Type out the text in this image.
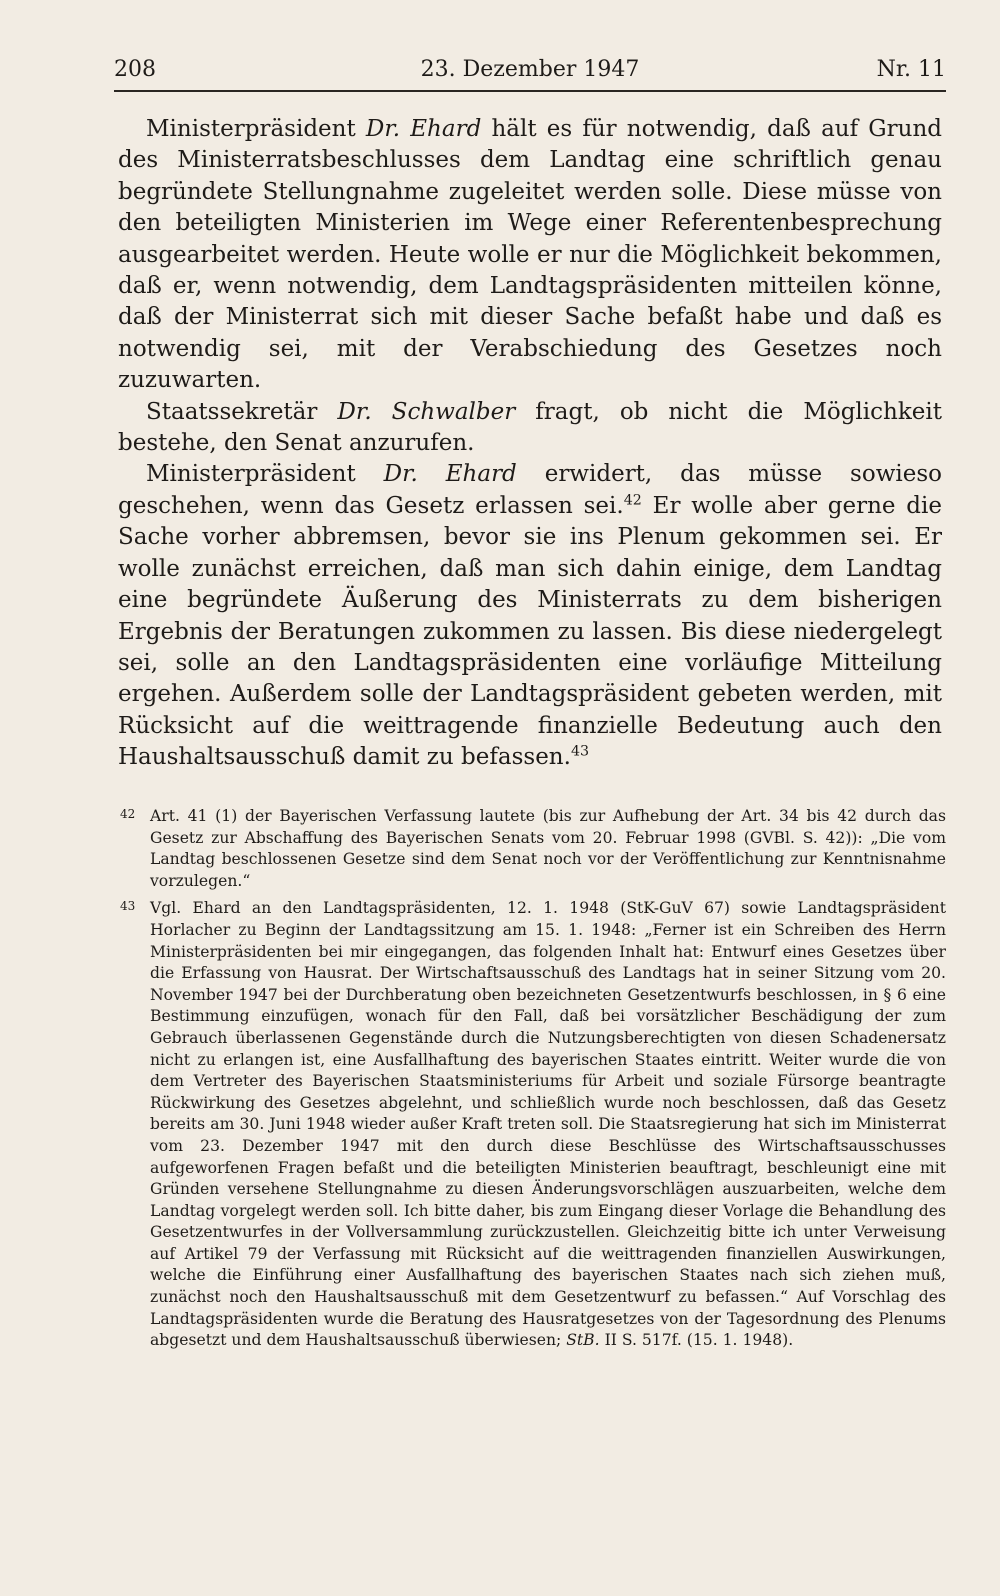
208	23. Dezember 1947	Nr. 11

Ministerpräsident Dr. Ehard hält es für notwendig, daß auf Grund des Ministerratsbeschlusses dem Landtag eine schriftlich genau begründete Stellungnahme zugeleitet werden solle. Diese müsse von den beteiligten Ministerien im Wege einer Referentenbesprechung ausgearbeitet werden. Heute wolle er nur die Möglichkeit bekommen, daß er, wenn notwendig, dem Landtagspräsidenten mitteilen könne, daß der Ministerrat sich mit dieser Sache befaßt habe und daß es notwendig sei, mit der Verabschiedung des Gesetzes noch zuzuwarten.

Staatssekretär Dr. Schwalber fragt, ob nicht die Möglichkeit bestehe, den Senat anzurufen.

Ministerpräsident Dr. Ehard erwidert, das müsse sowieso geschehen, wenn das Gesetz erlassen sei.$^{42}$ Er wolle aber gerne die Sache vorher abbremsen, bevor sie ins Plenum gekommen sei. Er wolle zunächst erreichen, daß man sich dahin einige, dem Landtag eine begründete Äußerung des Ministerrats zu dem bisherigen Ergebnis der Beratungen zukommen zu lassen. Bis diese niedergelegt sei, solle an den Landtagspräsidenten eine vorläufige Mitteilung ergehen. Außerdem solle der Landtagspräsident gebeten werden, mit Rücksicht auf die weittragende finanzielle Bedeutung auch den Haushaltsausschuß damit zu befassen.$^{43}$

42 Art. 41 (1) der Bayerischen Verfassung lautete (bis zur Aufhebung der Art. 34 bis 42 durch das Gesetz zur Abschaffung des Bayerischen Senats vom 20. Februar 1998 (GVBl. S. 42)): „Die vom Landtag beschlossenen Gesetze sind dem Senat noch vor der Veröffentlichung zur Kenntnisnahme vorzulegen.“
43 Vgl. Ehard an den Landtagspräsidenten, 12. 1. 1948 (StK-GuV 67) sowie Landtagspräsident Horlacher zu Beginn der Landtagssitzung am 15. 1. 1948: „Ferner ist ein Schreiben des Herrn Ministerpräsidenten bei mir eingegangen, das folgenden Inhalt hat: Entwurf eines Gesetzes über die Erfassung von Hausrat. Der Wirtschaftsausschuß des Landtags hat in seiner Sitzung vom 20. November 1947 bei der Durchberatung oben bezeichneten Gesetzentwurfs beschlossen, in § 6 eine Bestimmung einzufügen, wonach für den Fall, daß bei vorsätzlicher Beschädigung der zum Gebrauch überlassenen Gegenstände durch die Nutzungsberechtigten von diesen Schadenersatz nicht zu erlangen ist, eine Ausfallhaftung des bayerischen Staates eintritt. Weiter wurde die von dem Vertreter des Bayerischen Staatsministeriums für Arbeit und soziale Fürsorge beantragte Rückwirkung des Gesetzes abgelehnt, und schließlich wurde noch beschlossen, daß das Gesetz bereits am 30. Juni 1948 wieder außer Kraft treten soll. Die Staatsregierung hat sich im Ministerrat vom 23. Dezember 1947 mit den durch diese Beschlüsse des Wirtschaftsausschusses aufgeworfenen Fragen befaßt und die beteiligten Ministerien beauftragt, beschleunigt eine mit Gründen versehene Stellungnahme zu diesen Änderungsvorschlägen auszuarbeiten, welche dem Landtag vorgelegt werden soll. Ich bitte daher, bis zum Eingang dieser Vorlage die Behandlung des Gesetzentwurfes in der Vollversammlung zurückzustellen. Gleichzeitig bitte ich unter Verweisung auf Artikel 79 der Verfassung mit Rücksicht auf die weittragenden finanziellen Auswirkungen, welche die Einführung einer Ausfallhaftung des bayerischen Staates nach sich ziehen muß, zunächst noch den Haushaltsausschuß mit dem Gesetzentwurf zu befassen.“ Auf Vorschlag des Landtagspräsidenten wurde die Beratung des Hausratgesetzes von der Tagesordnung des Plenums abgesetzt und dem Haushaltsausschuß überwiesen; StB. II S. 517f. (15. 1. 1948).
